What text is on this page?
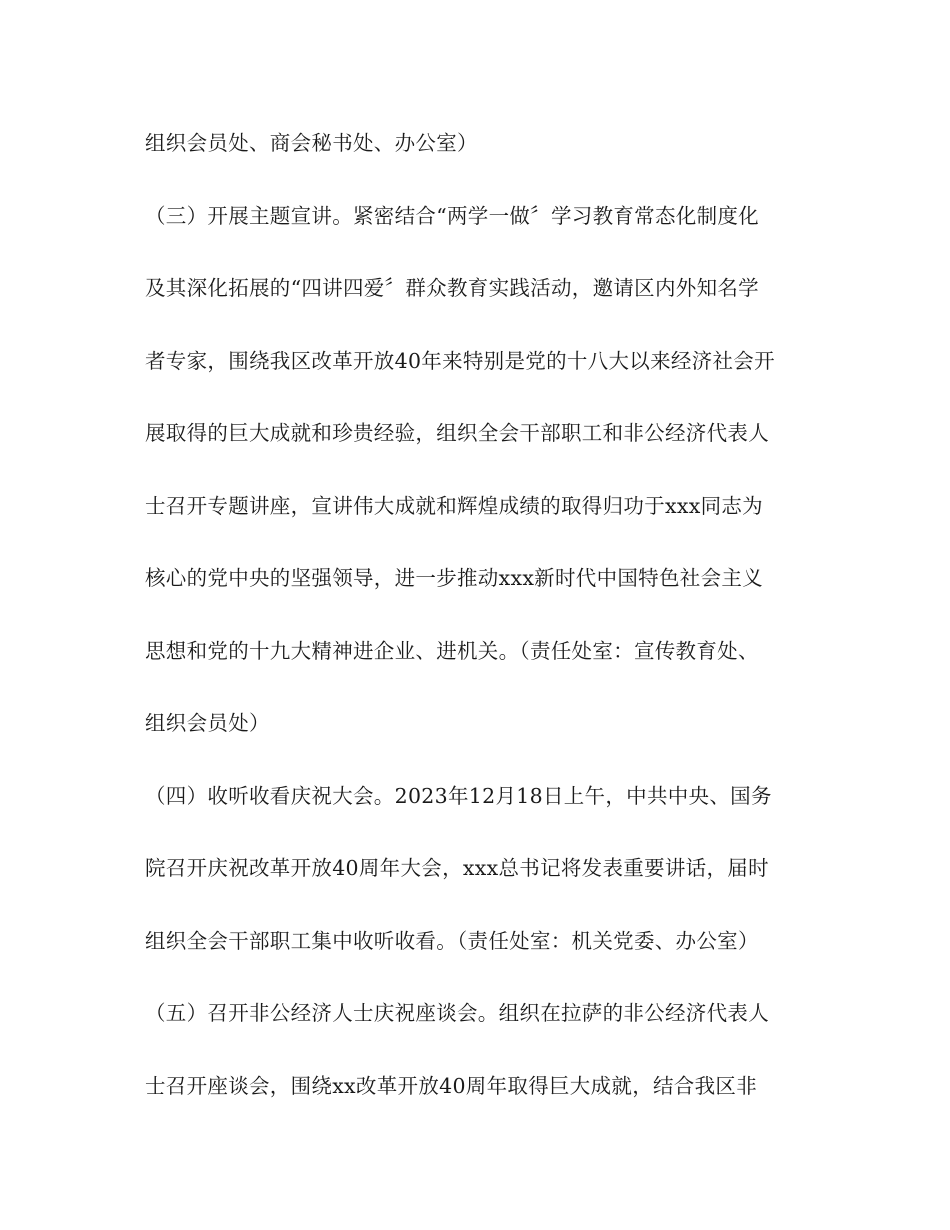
组织会员处、商会秘书处、办公室）
（三）开展主题宣讲。紧密结合“两学一做〞学习教育常态化制度化
及其深化拓展的“四讲四爱〞群众教育实践活动，邀请区内外知名学
者专家，围绕我区改革开放40年来特别是党的十八大以来经济社会开
展取得的巨大成就和珍贵经验，组织全会干部职工和非公经济代表人
士召开专题讲座，宣讲伟大成就和辉煌成绩的取得归功于xxx同志为
核心的党中央的坚强领导，进一步推动xxx新时代中国特色社会主义
思想和党的十九大精神进企业、进机关。（责任处室：宣传教育处、
组织会员处）
（四）收听收看庆祝大会。2023年12月18日上午，中共中央、国务
院召开庆祝改革开放40周年大会，xxx总书记将发表重要讲话，届时
组织全会干部职工集中收听收看。（责任处室：机关党委、办公室）
（五）召开非公经济人士庆祝座谈会。组织在拉萨的非公经济代表人
士召开座谈会，围绕xx改革开放40周年取得巨大成就，结合我区非
